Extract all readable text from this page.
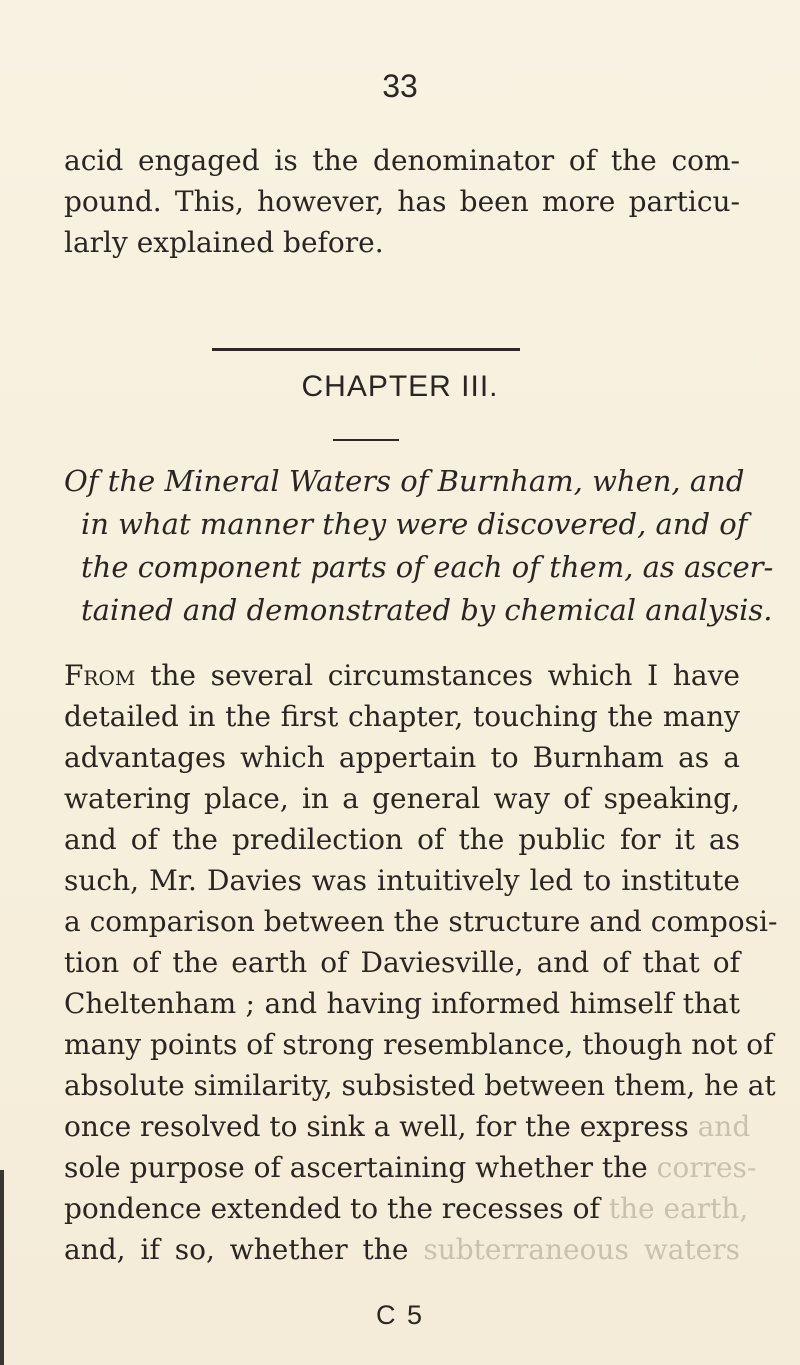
33
acid engaged is the denominator of the com-
pound. This, however, has been more particu-
larly explained before.
CHAPTER III.
Of the Mineral Waters of Burnham, when, and
in what manner they were discovered, and of
the component parts of each of them, as ascer-
tained and demonstrated by chemical analysis.
From the several circumstances which I have
detailed in the first chapter, touching the many
advantages which appertain to Burnham as a
watering place, in a general way of speaking,
and of the predilection of the public for it as
such, Mr. Davies was intuitively led to institute
a comparison between the structure and composi-
tion of the earth of Daviesville, and of that of
Cheltenham ; and having informed himself that
many points of strong resemblance, though not of
absolute similarity, subsisted between them, he at
once resolved to sink a well, for the express and
sole purpose of ascertaining whether the corres-
pondence extended to the recesses of the earth,
and, if so, whether the subterraneous waters
C 5
